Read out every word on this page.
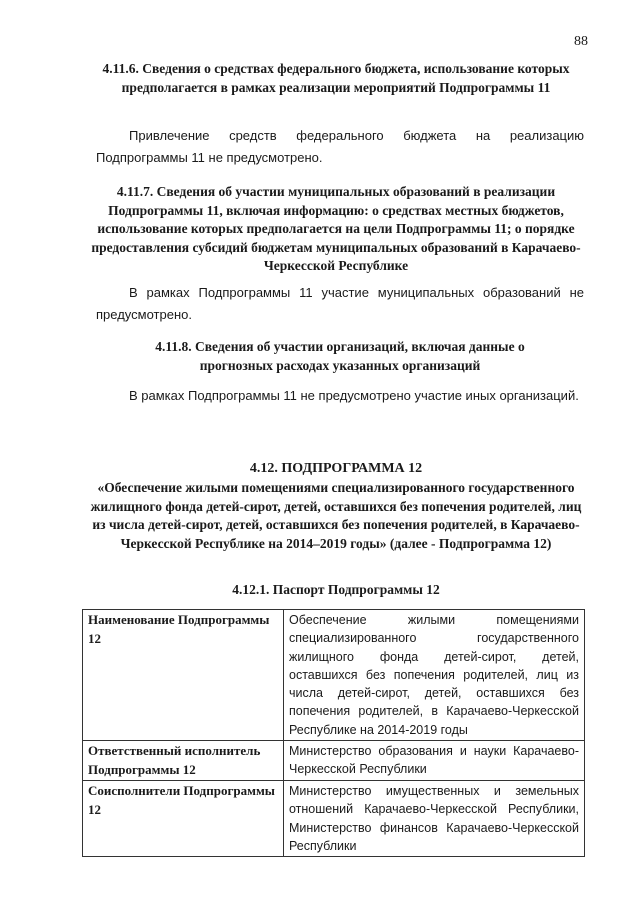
88
4.11.6. Сведения о средствах федерального бюджета, использование которых предполагается в рамках реализации мероприятий Подпрограммы 11
Привлечение средств федерального бюджета на реализацию Подпрограммы 11 не предусмотрено.
4.11.7. Сведения об участии муниципальных образований в реализации Подпрограммы 11, включая информацию: о средствах местных бюджетов, использование которых предполагается на цели Подпрограммы 11; о порядке предоставления субсидий бюджетам муниципальных образований в Карачаево-Черкесской Республике
В рамках Подпрограммы 11 участие муниципальных образований не предусмотрено.
4.11.8. Сведения об участии организаций, включая данные о прогнозных расходах указанных организаций
В рамках Подпрограммы 11 не предусмотрено участие иных организаций.
4.12. ПОДПРОГРАММА 12
«Обеспечение жилыми помещениями специализированного государственного жилищного фонда детей-сирот, детей, оставшихся без попечения родителей, лиц из числа детей-сирот, детей, оставшихся без попечения родителей, в Карачаево-Черкесской Республике на 2014–2019 годы» (далее - Подпрограмма 12)
4.12.1. Паспорт Подпрограммы 12
Наименование Подпрограммы 12	Обеспечение жилыми помещениями специализированного государственного жилищного фонда детей-сирот, детей, оставшихся без попечения родителей, лиц из числа детей-сирот, детей, оставшихся без попечения родителей, в Карачаево-Черкесской Республике на 2014-2019 годы
Ответственный исполнитель Подпрограммы 12	Министерство образования и науки Карачаево-Черкесской Республики
Соисполнители Подпрограммы 12	Министерство имущественных и земельных отношений Карачаево-Черкесской Республики, Министерство финансов Карачаево-Черкесской Республики
